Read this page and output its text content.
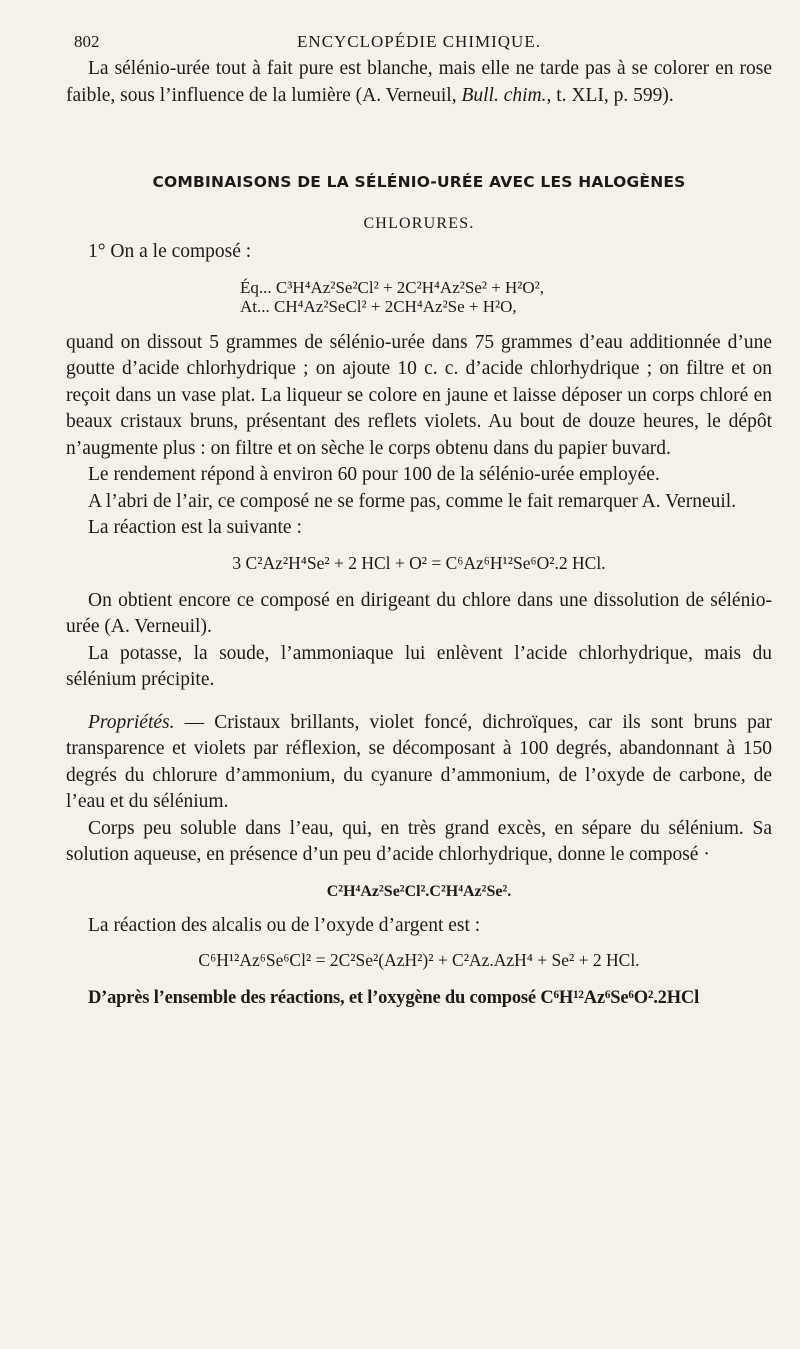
802	ENCYCLOPÉDIE CHIMIQUE.

La sélénio-urée tout à fait pure est blanche, mais elle ne tarde pas à se colorer en rose faible, sous l’influence de la lumière (A. Verneuil, Bull. chim., t. XLI, p. 599).

COMBINAISONS DE LA SÉLÉNIO-URÉE AVEC LES HALOGÈNES
CHLORURES.

1° On a le composé :

Éq... C³H⁴Az²Se²Cl² + 2C²H⁴Az²Se² + H²O²,
At... CH⁴Az²SeCl² + 2CH⁴Az²Se + H²O,

quand on dissout 5 grammes de sélénio-urée dans 75 grammes d’eau additionnée d’une goutte d’acide chlorhydrique ; on ajoute 10 c. c. d’acide chlorhydrique ; on filtre et on reçoit dans un vase plat. La liqueur se colore en jaune et laisse déposer un corps chloré en beaux cristaux bruns, présentant des reflets violets. Au bout de douze heures, le dépôt n’augmente plus : on filtre et on sèche le corps obtenu dans du papier buvard.

Le rendement répond à environ 60 pour 100 de la sélénio-urée employée.

A l’abri de l’air, ce composé ne se forme pas, comme le fait remarquer A. Verneuil.

La réaction est la suivante :

3 C²Az²H⁴Se² + 2 HCl + O² = C⁶Az⁶H¹²Se⁶O².2 HCl.

On obtient encore ce composé en dirigeant du chlore dans une dissolution de sélénio-urée (A. Verneuil).

La potasse, la soude, l’ammoniaque lui enlèvent l’acide chlorhydrique, mais du sélénium précipite.

Propriétés. — Cristaux brillants, violet foncé, dichroïques, car ils sont bruns par transparence et violets par réflexion, se décomposant à 100 degrés, abandonnant à 150 degrés du chlorure d’ammonium, du cyanure d’ammonium, de l’oxyde de carbone, de l’eau et du sélénium.

Corps peu soluble dans l’eau, qui, en très grand excès, en sépare du sélénium. Sa solution aqueuse, en présence d’un peu d’acide chlorhydrique, donne le composé ·

C²H⁴Az²Se²Cl².C²H⁴Az²Se².

La réaction des alcalis ou de l’oxyde d’argent est :

C⁶H¹²Az⁶Se⁶Cl² = 2C²Se²(AzH²)² + C²Az.AzH⁴ + Se² + 2 HCl.

D’après l’ensemble des réactions, et l’oxygène du composé C⁶H¹²Az⁶Se⁶O².2HCl
